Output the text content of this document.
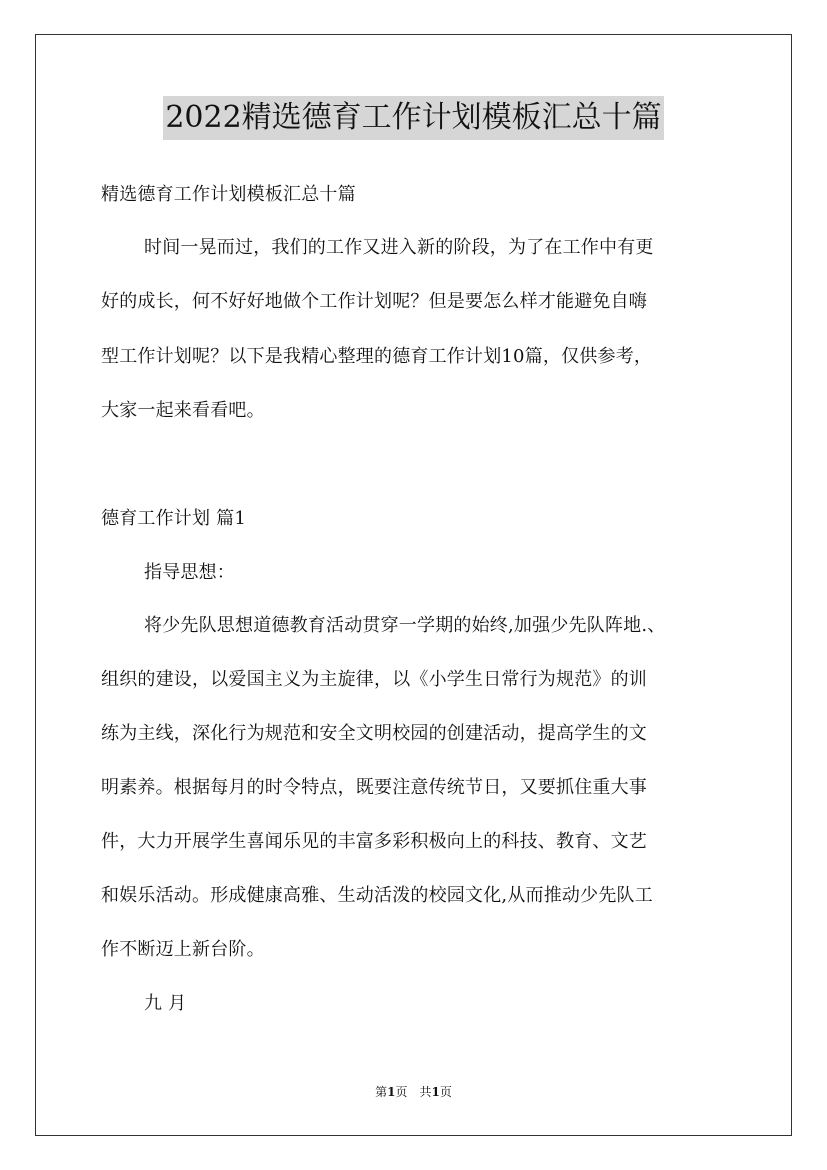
2022精选德育工作计划模板汇总十篇
精选德育工作计划模板汇总十篇
时间一晃而过，我们的工作又进入新的阶段，为了在工作中有更
好的成长，何不好好地做个工作计划呢？但是要怎么样才能避免自嗨
型工作计划呢？以下是我精心整理的德育工作计划10篇，仅供参考，
大家一起来看看吧。
德育工作计划 篇1
指导思想：
将少先队思想道德教育活动贯穿一学期的始终,加强少先队阵地.、
组织的建设，以爱国主义为主旋律，以《小学生日常行为规范》的训
练为主线，深化行为规范和安全文明校园的创建活动，提高学生的文
明素养。根据每月的时令特点，既要注意传统节日，又要抓住重大事
件，大力开展学生喜闻乐见的丰富多彩积极向上的科技、教育、文艺
和娱乐活动。形成健康高雅、生动活泼的校园文化,从而推动少先队工
作不断迈上新台阶。
九 月
第1页　共1页
